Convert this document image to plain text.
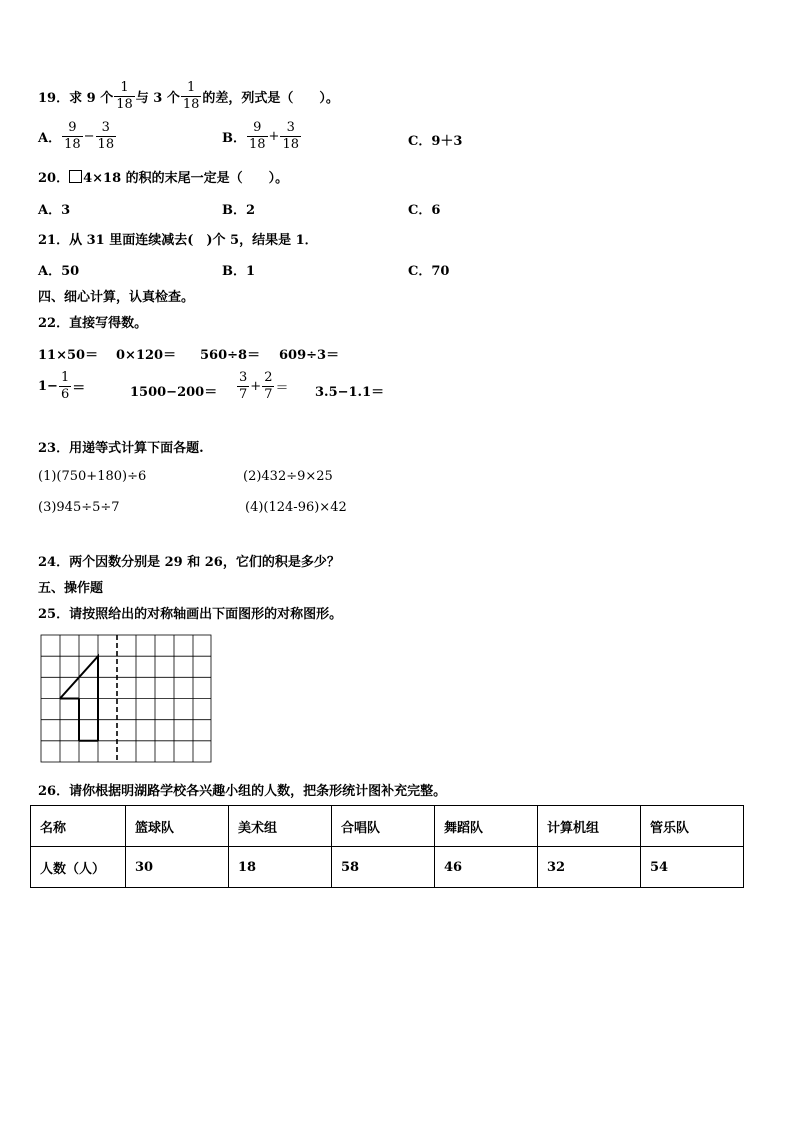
19． 求 9 个 $\frac{1}{18}$ 与 3 个 $\frac{1}{18}$ 的差，列式是（　　）。
A． $\frac{9}{18} - \frac{3}{18}$	B． $\frac{9}{18} + \frac{3}{18}$	C．9＋3
20． 4×18 的积的末尾一定是（　　）。
A．3	B．2	C．6
21．从 31 里面连续减去(　)个 5，结果是 1．
A．50	B．1	C．70
四、细心计算，认真检查。
22．直接写得数。
11×50＝ 0×120＝ 560÷8＝ 609÷3＝
$1- \frac{1}{6}$ ＝	$1500-200= \frac{3}{7} + \frac{2}{7} = 3.5-1.1=$
23．用递等式计算下面各题.
(1)(750+180)÷6	(2)432÷9×25
(3)945÷5÷7	(4)(124-96)×42
24．两个因数分别是 29 和 26，它们的积是多少？
五、操作题
25．请按照给出的对称轴画出下面图形的对称图形。
26．请你根据明湖路学校各兴趣小组的人数，把条形统计图补充完整。
名称	篮球队	美术组	合唱队	舞蹈队	计算机组	管乐队
人数（人）	30	18	58	46	32	54
